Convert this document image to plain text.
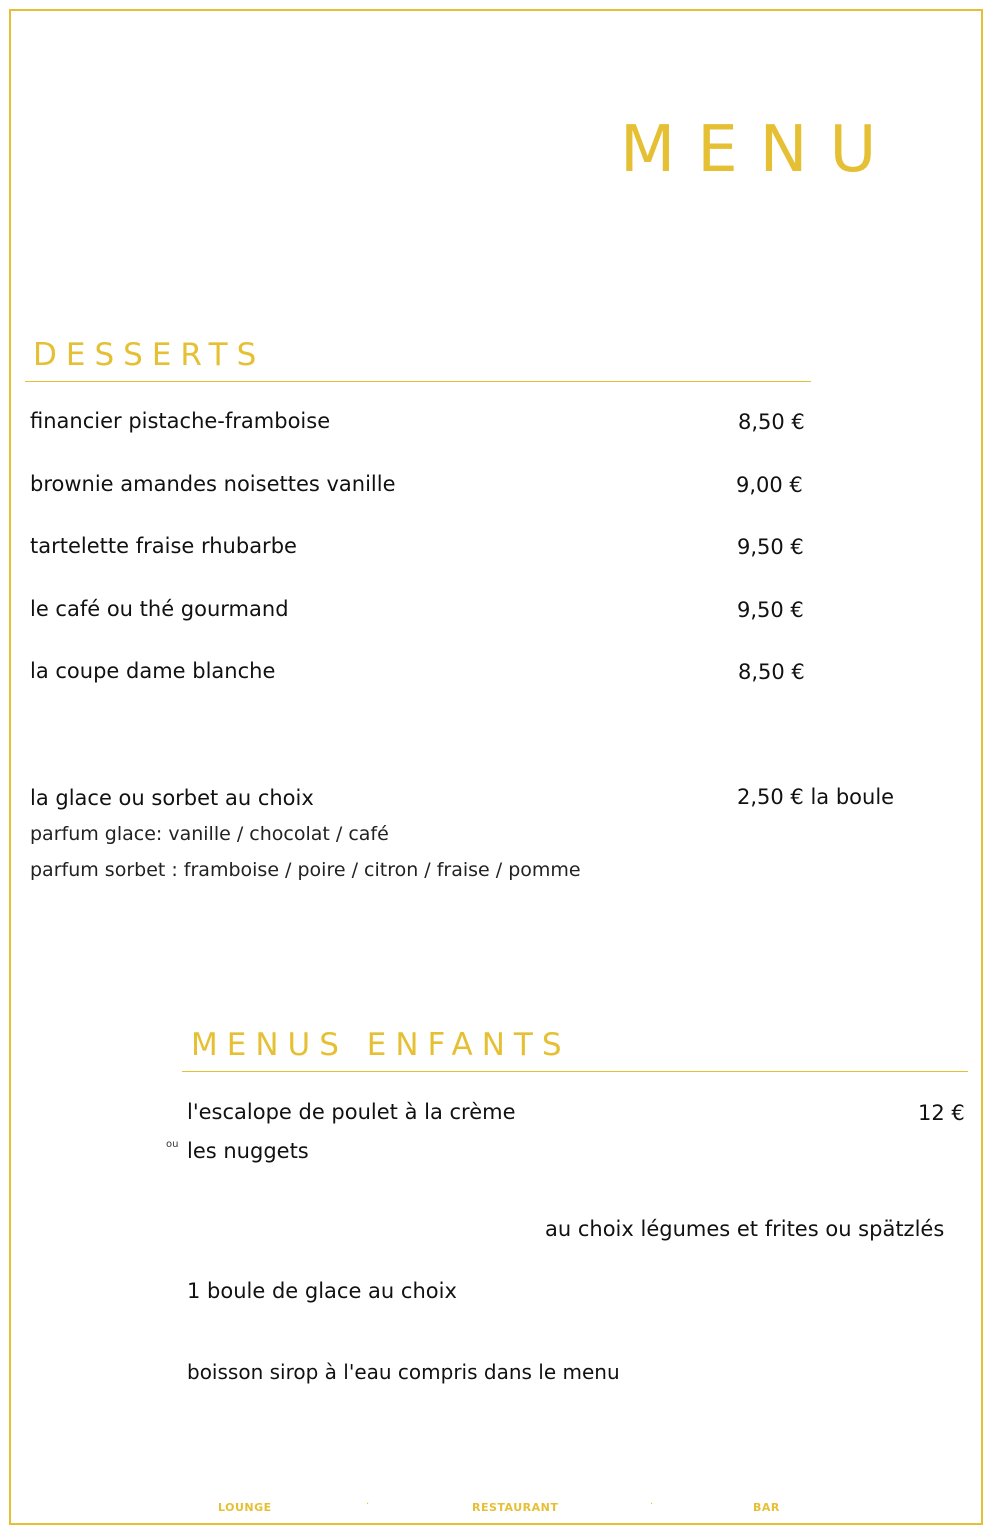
MENU
DESSERTS
financier pistache-framboise	8,50 €
brownie amandes noisettes vanille	9,00 €
tartelette fraise rhubarbe	9,50 €
le café ou thé gourmand	9,50 €
la coupe dame blanche	8,50 €
la glace ou sorbet au choix	2,50 € la boule
parfum glace: vanille / chocolat / café
parfum sorbet : framboise / poire / citron / fraise / pomme
MENUS ENFANTS
l'escalope de poulet à la crème	12 €
ou les nuggets
au choix légumes et frites ou spätzlés
1 boule de glace au choix
boisson sirop à l'eau compris dans le menu
LOUNGE	·	RESTAURANT	·	BAR
